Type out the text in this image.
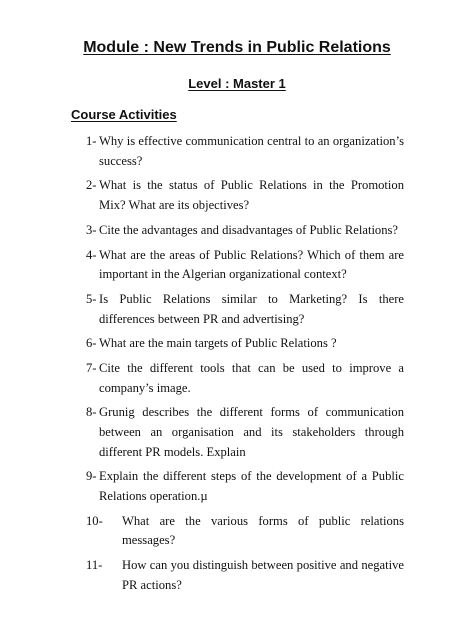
Module : New Trends in Public Relations
Level : Master 1
Course Activities
1- Why is effective communication central to an organization’s success?
2- What is the status of Public Relations in the Promotion Mix? What are its objectives?
3- Cite the advantages and disadvantages of Public Relations?
4- What are the areas of Public Relations? Which of them are important in the Algerian organizational context?
5- Is Public Relations similar to Marketing? Is there differences between PR and advertising?
6- What are the main targets of Public Relations ?
7- Cite the different tools that can be used to improve a company’s image.
8- Grunig describes the different forms of communication between an organisation and its stakeholders through different PR models. Explain
9- Explain the different steps of the development of a Public Relations operation.µ
10-	What are the various forms of public relations messages?
11-	How can you distinguish between positive and negative PR actions?
